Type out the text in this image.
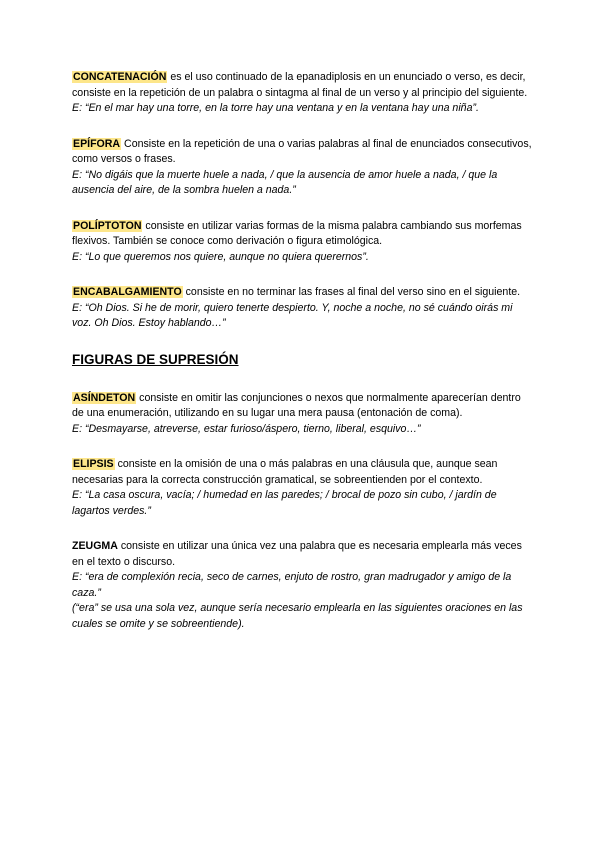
CONCATENACIÓN es el uso continuado de la epanadiplosis en un enunciado o verso, es decir, consiste en la repetición de un palabra o sintagma al final de un verso y al principio del siguiente.
E: “En el mar hay una torre, en la torre hay una ventana y en la ventana hay una niña”.
EPÍFORA Consiste en la repetición de una o varias palabras al final de enunciados consecutivos, como versos o frases.
E: “No digáis que la muerte huele a nada, / que la ausencia de amor huele a nada, / que la ausencia del aire, de la sombra huelen a nada.”
POLÍPTOTON consiste en utilizar varias formas de la misma palabra cambiando sus morfemas flexivos. También se conoce como derivación o figura etimológica.
E: “Lo que queremos nos quiere, aunque no quiera querernos”.
ENCABALGAMIENTO consiste en no terminar las frases al final del verso sino en el siguiente.
E: “Oh Dios. Si he de morir, quiero tenerte despierto. Y, noche a noche, no sé cuándo oirás mi voz. Oh Dios. Estoy hablando…”
FIGURAS DE SUPRESIÓN
ASÍNDETON consiste en omitir las conjunciones o nexos que normalmente aparecerían dentro de una enumeración, utilizando en su lugar una mera pausa (entonación de coma).
E: “Desmayarse, atreverse, estar furioso/áspero, tierno, liberal, esquivo…”
ELIPSIS consiste en la omisión de una o más palabras en una cláusula que, aunque sean necesarias para la correcta construcción gramatical, se sobreentienden por el contexto.
E: “La casa oscura, vacía; / humedad en las paredes; / brocal de pozo sin cubo, / jardín de lagartos verdes.”
ZEUGMA consiste en utilizar una única vez una palabra que es necesaria emplearla más veces en el texto o discurso.
E: “era de complexión recia, seco de carnes, enjuto de rostro, gran madrugador y amigo de la caza.”
(“era” se usa una sola vez, aunque sería necesario emplearla en las siguientes oraciones en las cuales se omite y se sobreentiende).
